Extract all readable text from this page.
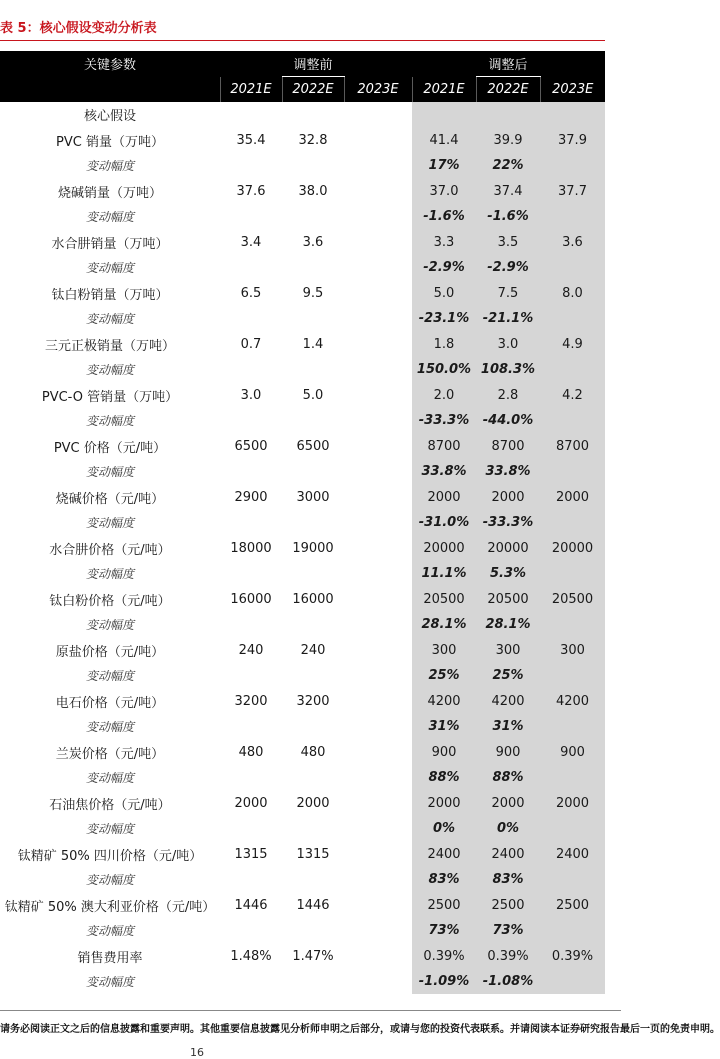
表 5：核心假设变动分析表
关键参数		调整前			调整后	
	2021E	2022E	2023E	2021E	2022E	2023E
核心假设						
PVC 销量（万吨）	35.4	32.8		41.4	39.9	37.9
变动幅度				17%	22%	
烧碱销量（万吨）	37.6	38.0		37.0	37.4	37.7
变动幅度				-1.6%	-1.6%	
水合肼销量（万吨）	3.4	3.6		3.3	3.5	3.6
变动幅度				-2.9%	-2.9%	
钛白粉销量（万吨）	6.5	9.5		5.0	7.5	8.0
变动幅度				-23.1%	-21.1%	
三元正极销量（万吨）	0.7	1.4		1.8	3.0	4.9
变动幅度				150.0%	108.3%	
PVC-O 管销量（万吨）	3.0	5.0		2.0	2.8	4.2
变动幅度				-33.3%	-44.0%	
PVC 价格（元/吨）	6500	6500		8700	8700	8700
变动幅度				33.8%	33.8%	
烧碱价格（元/吨）	2900	3000		2000	2000	2000
变动幅度				-31.0%	-33.3%	
水合肼价格（元/吨）	18000	19000		20000	20000	20000
变动幅度				11.1%	5.3%	
钛白粉价格（元/吨）	16000	16000		20500	20500	20500
变动幅度				28.1%	28.1%	
原盐价格（元/吨）	240	240		300	300	300
变动幅度				25%	25%	
电石价格（元/吨）	3200	3200		4200	4200	4200
变动幅度				31%	31%	
兰炭价格（元/吨）	480	480		900	900	900
变动幅度				88%	88%	
石油焦价格（元/吨）	2000	2000		2000	2000	2000
变动幅度				0%	0%	
钛精矿 50% 四川价格（元/吨）	1315	1315		2400	2400	2400
变动幅度				83%	83%	
钛精矿 50% 澳大利亚价格（元/吨）	1446	1446		2500	2500	2500
变动幅度				73%	73%	
销售费用率	1.48%	1.47%		0.39%	0.39%	0.39%
变动幅度				-1.09%	-1.08%	
请务必阅读正文之后的信息披露和重要声明。其他重要信息披露见分析师申明之后部分，或请与您的投资代表联系。并请阅读本证券研究报告最后一页的免责申明。
16
